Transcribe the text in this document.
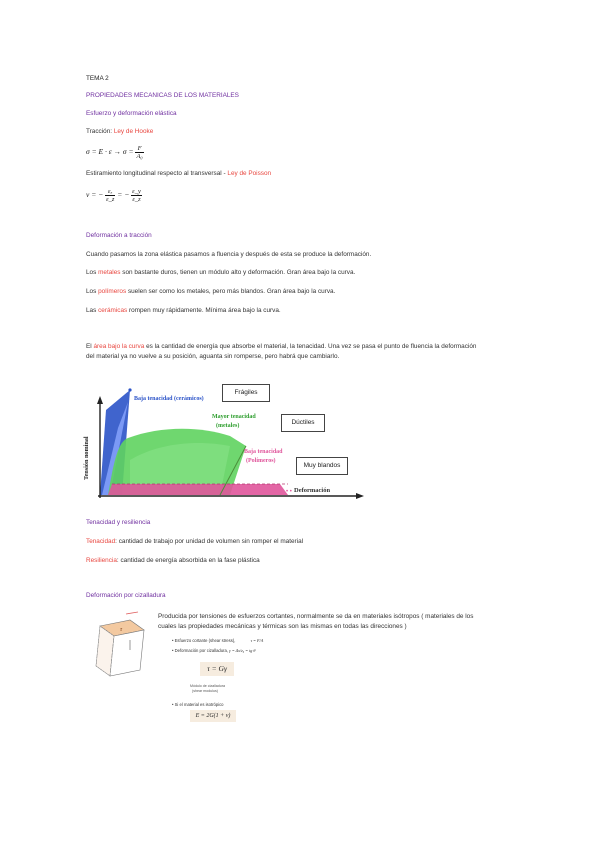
TEMA 2
PROPIEDADES MECANICAS DE LOS MATERIALES
Esfuerzo y deformación elástica
Tracción: Ley de Hooke
$\sigma = E \cdot \varepsilon \to \sigma = \frac{F}{\text{A₀}}$
Estiramiento longitudinal respecto al transversal - Ley de Poisson
ν = − $\frac{\text{εₓ}}{\varepsilon\_z}$ = − $\frac{\varepsilon\_y}{\varepsilon\_z}$
Deformación a tracción
Cuando pasamos la zona elástica pasamos a fluencia y después de esta se produce la deformación.
Los metales son bastante duros, tienen un módulo alto y deformación. Gran área bajo la curva.
Los polímeros suelen ser como los metales, pero más blandos. Gran área bajo la curva.
Las cerámicas rompen muy rápidamente. Mínima área bajo la curva.
El área bajo la curva es la cantidad de energía que absorbe el material, la tenacidad. Una vez se pasa el punto de fluencia la deformación
del material ya no vuelve a su posición, aguanta sin romperse, pero habrá que cambiarlo.
• •
Tensión nominal
Deformación
Baja tenacidad (cerámicos)
Mayor tenacidad
(metales)
Baja tenacidad
(Polímeros)
Frágiles
Dúctiles
Muy blandos
Tenacidad y resiliencia
Tenacidad: cantidad de trabajo por unidad de volumen sin romper el material
Resiliencia: cantidad de energía absorbida en la fase plástica
Deformación por cizalladura
τ
Producida por tensiones de esfuerzos cortantes, normalmente se da en materiales isótropos ( materiales de los
cuales las propiedades mecánicas y térmicas son las mismas en todas las direcciones )
• Esfuerzo cortante (shear stress),	τ = F/A
• Deformación por cizalladura, γ = Δx/z₀ = tg θ
τ = Gγ
Módulo de cizalladura
(shear modulus)
• Si el material es isotrópico
E = 2G(1 + ν)
